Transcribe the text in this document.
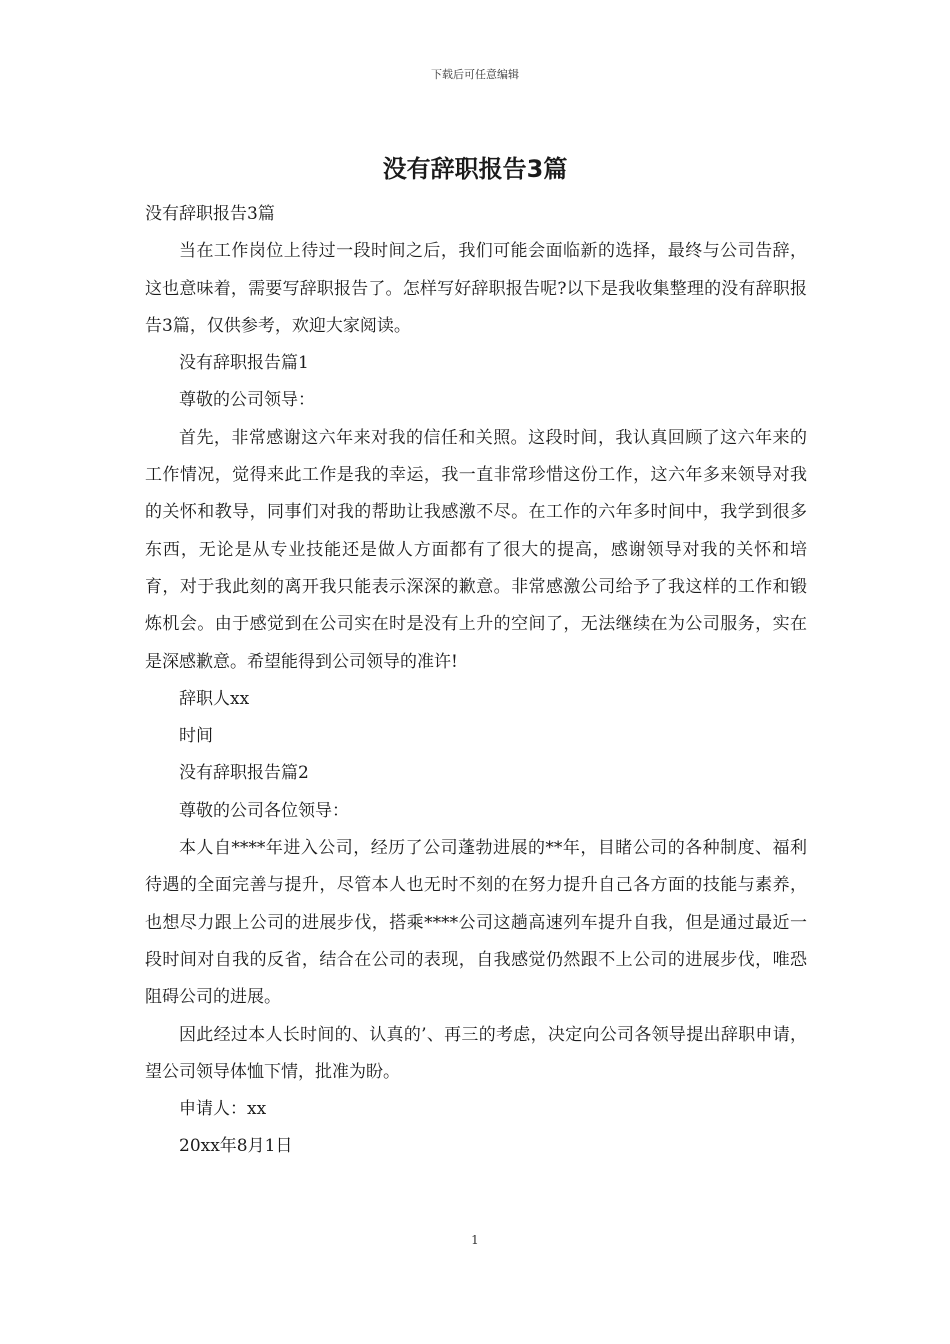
下载后可任意编辑
没有辞职报告3篇

没有辞职报告3篇

当在工作岗位上待过一段时间之后，我们可能会面临新的选择，最终与公司告辞，这也意味着，需要写辞职报告了。怎样写好辞职报告呢?以下是我收集整理的没有辞职报告3篇，仅供参考，欢迎大家阅读。

没有辞职报告篇1

尊敬的公司领导：

首先，非常感谢这六年来对我的信任和关照。这段时间，我认真回顾了这六年来的工作情况，觉得来此工作是我的幸运，我一直非常珍惜这份工作，这六年多来领导对我的关怀和教导，同事们对我的帮助让我感激不尽。在工作的六年多时间中，我学到很多东西，无论是从专业技能还是做人方面都有了很大的提高，感谢领导对我的关怀和培育，对于我此刻的离开我只能表示深深的歉意。非常感激公司给予了我这样的工作和锻炼机会。由于感觉到在公司实在时是没有上升的空间了，无法继续在为公司服务，实在是深感歉意。希望能得到公司领导的准许!

辞职人xx

时间

没有辞职报告篇2

尊敬的公司各位领导：

本人自****年进入公司，经历了公司蓬勃进展的**年，目睹公司的各种制度、福利待遇的全面完善与提升，尽管本人也无时不刻的在努力提升自己各方面的技能与素养，也想尽力跟上公司的进展步伐，搭乘****公司这趟高速列车提升自我，但是通过最近一段时间对自我的反省，结合在公司的表现，自我感觉仍然跟不上公司的进展步伐，唯恐阻碍公司的进展。

因此经过本人长时间的、认真的’、再三的考虑，决定向公司各领导提出辞职申请，望公司领导体恤下情，批准为盼。

申请人：xx

20xx年8月1日

1
